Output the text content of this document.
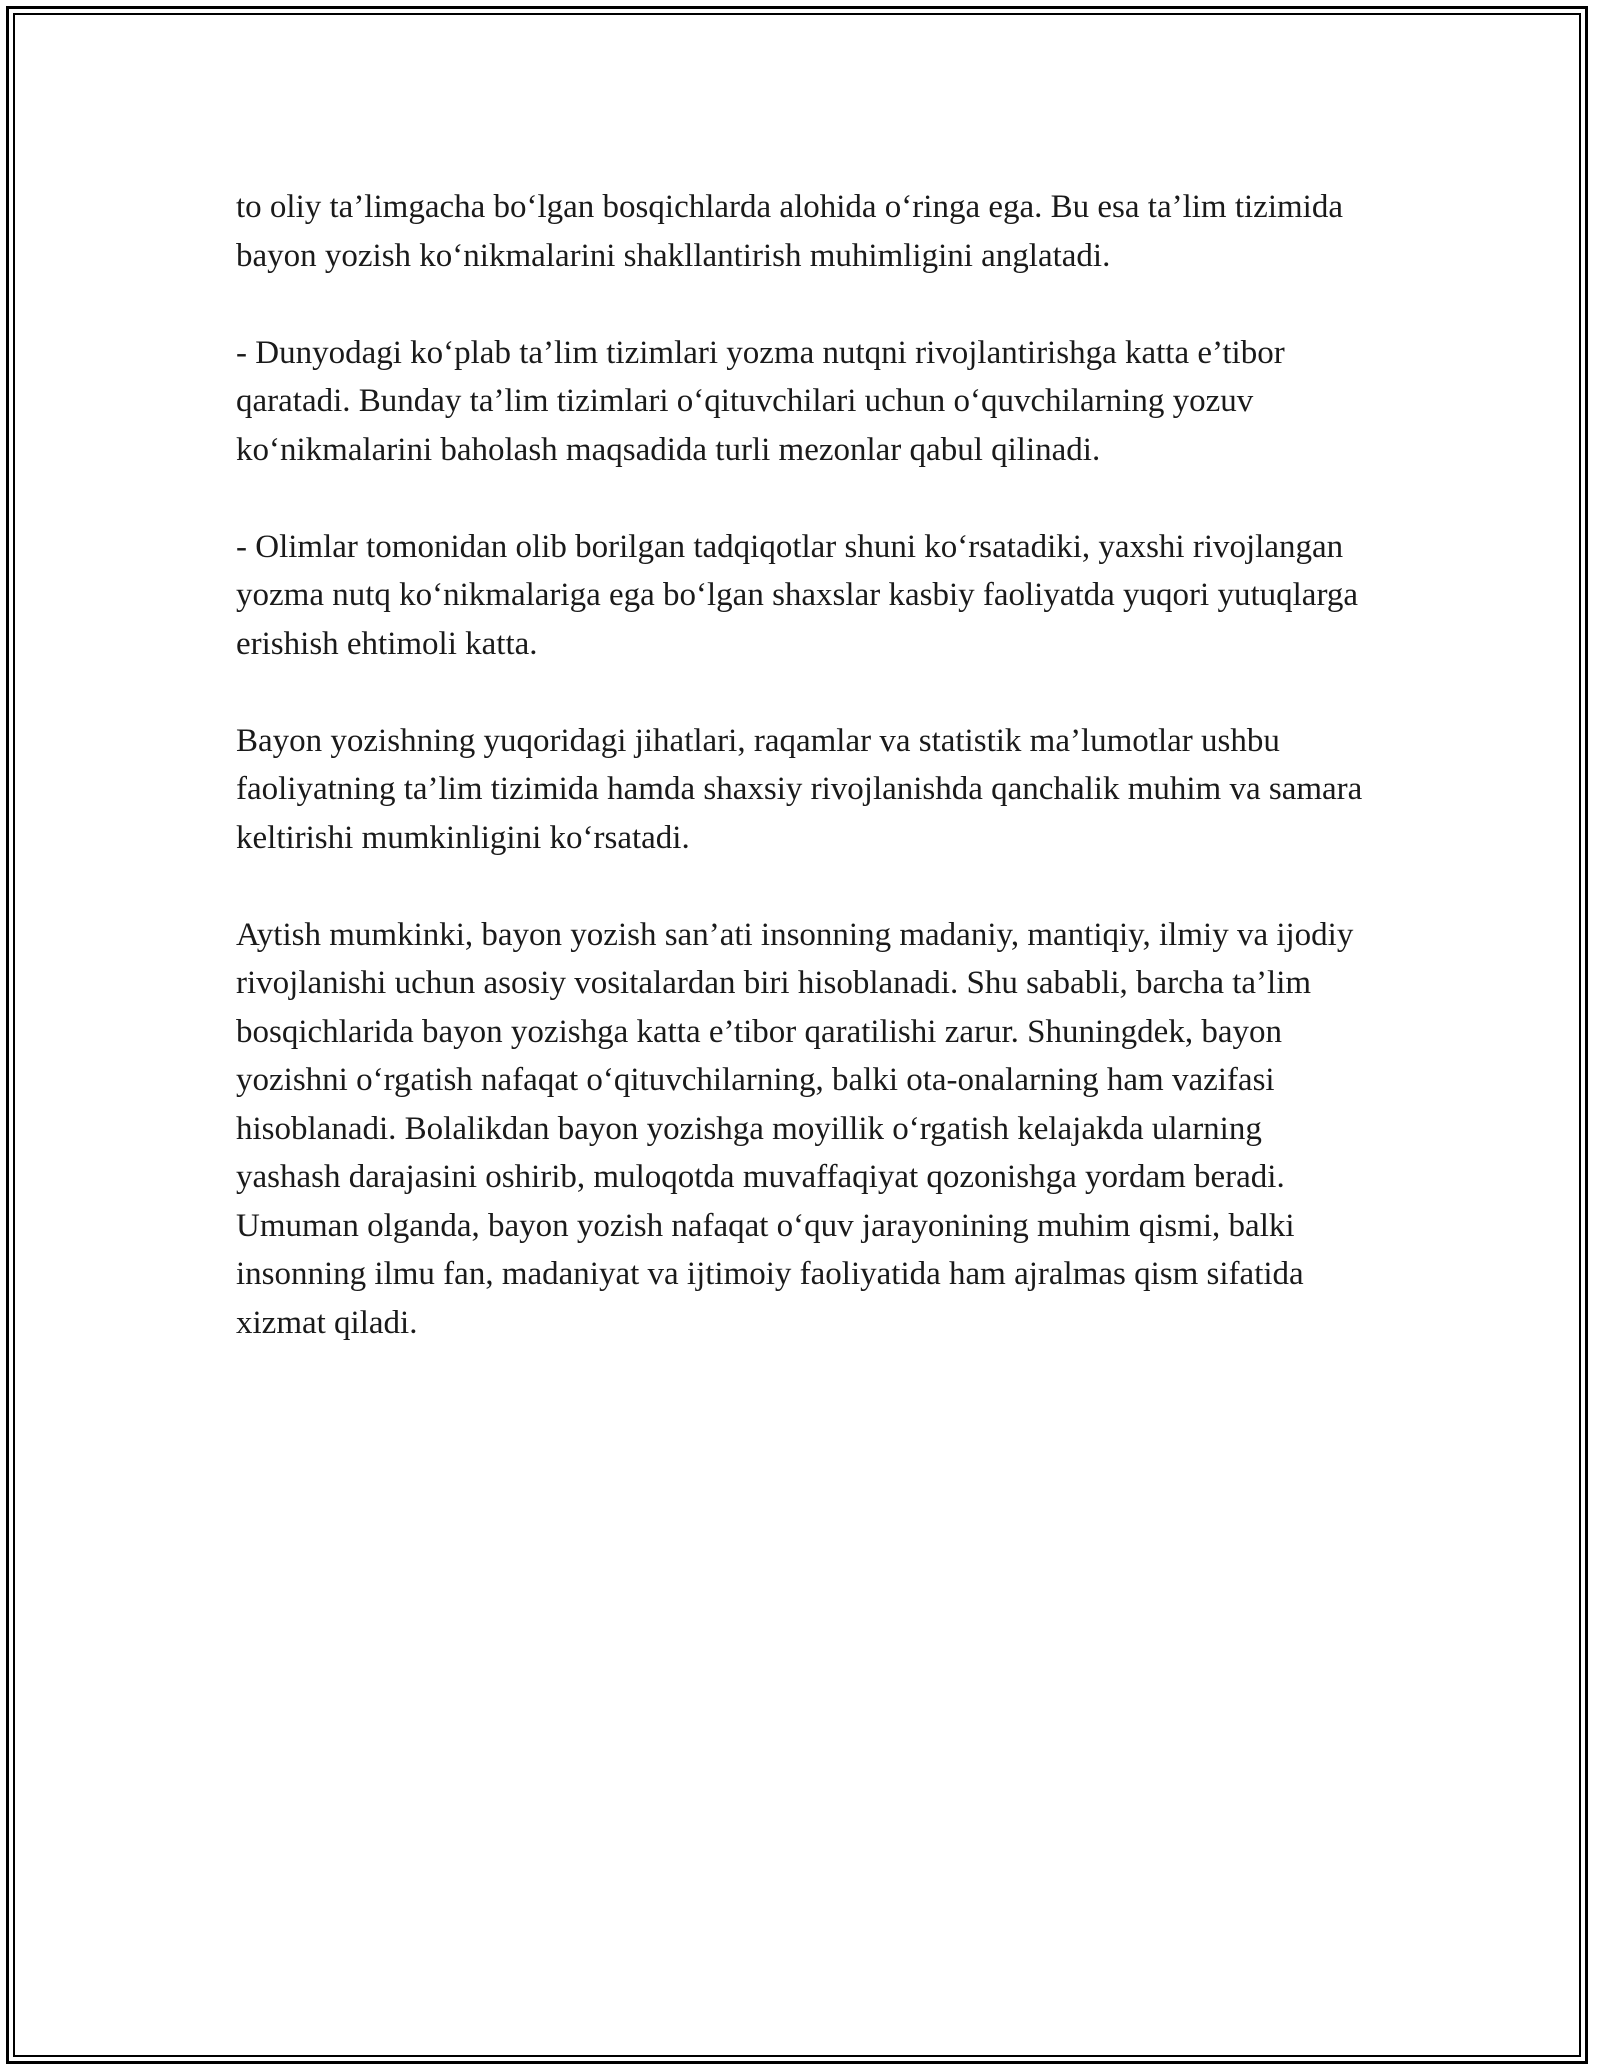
to oliy ta’limgacha bo‘lgan bosqichlarda alohida o‘ringa ega. Bu esa ta’lim tizimida bayon yozish ko‘nikmalarini shakllantirish muhimligini anglatadi.

- Dunyodagi ko‘plab ta’lim tizimlari yozma nutqni rivojlantirishga katta e’tibor qaratadi. Bunday ta’lim tizimlari o‘qituvchilari uchun o‘quvchilarning yozuv ko‘nikmalarini baholash maqsadida turli mezonlar qabul qilinadi.

- Olimlar tomonidan olib borilgan tadqiqotlar shuni ko‘rsatadiki, yaxshi rivojlangan yozma nutq ko‘nikmalariga ega bo‘lgan shaxslar kasbiy faoliyatda yuqori yutuqlarga erishish ehtimoli katta.

Bayon yozishning yuqoridagi jihatlari, raqamlar va statistik ma’lumotlar ushbu faoliyatning ta’lim tizimida hamda shaxsiy rivojlanishda qanchalik muhim va samara keltirishi mumkinligini ko‘rsatadi.

Aytish mumkinki, bayon yozish san’ati insonning madaniy, mantiqiy, ilmiy va ijodiy rivojlanishi uchun asosiy vositalardan biri hisoblanadi. Shu sababli, barcha ta’lim bosqichlarida bayon yozishga katta e’tibor qaratilishi zarur. Shuningdek, bayon yozishni o‘rgatish nafaqat o‘qituvchilarning, balki ota-onalarning ham vazifasi hisoblanadi. Bolalikdan bayon yozishga moyillik o‘rgatish kelajakda ularning yashash darajasini oshirib, muloqotda muvaffaqiyat qozonishga yordam beradi. Umuman olganda, bayon yozish nafaqat o‘quv jarayonining muhim qismi, balki insonning ilmu fan, madaniyat va ijtimoiy faoliyatida ham ajralmas qism sifatida xizmat qiladi.
